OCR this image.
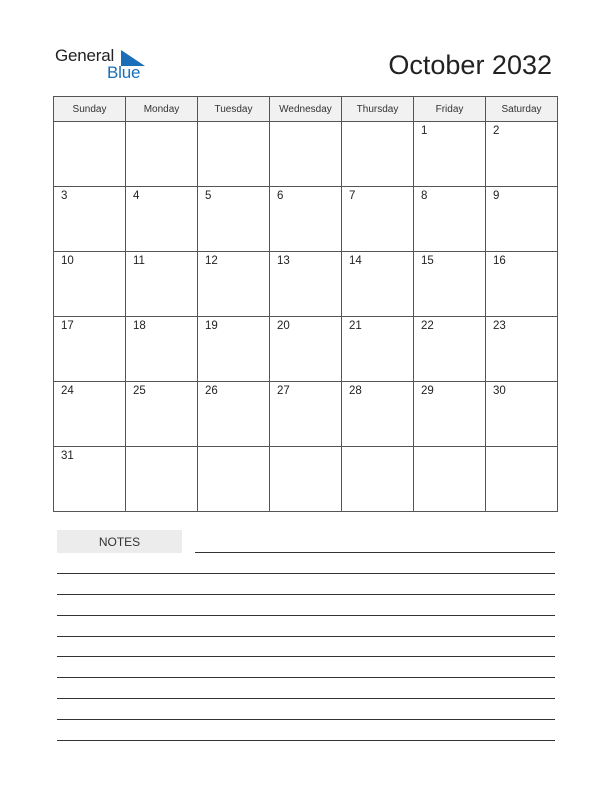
General
Blue	October 2032
Sunday	Monday	Tuesday	Wednesday	Thursday	Friday	Saturday

					1	2

3	4	5	6	7	8	9

10	11	12	13	14	15	16

17	18	19	20	21	22	23

24	25	26	27	28	29	30

31						

NOTES
